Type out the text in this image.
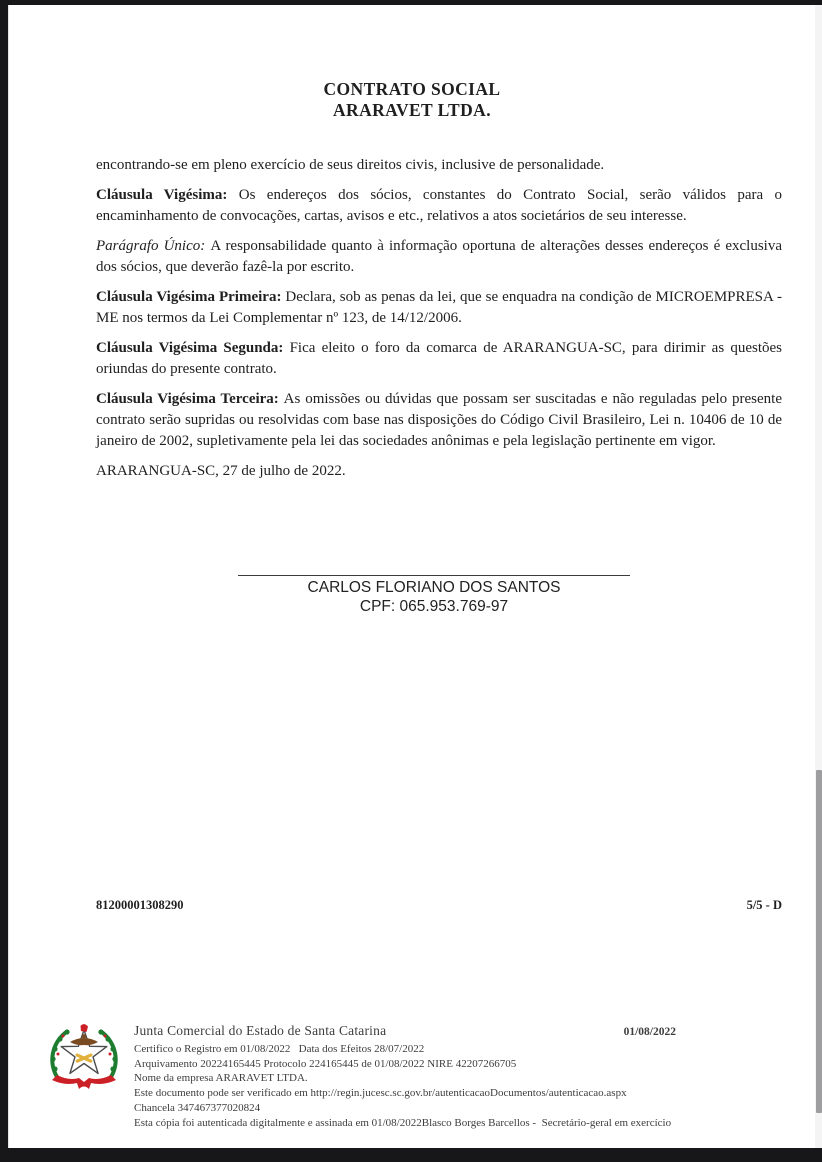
CONTRATO SOCIAL
ARARAVET LTDA.

encontrando-se em pleno exercício de seus direitos civis, inclusive de personalidade.

Cláusula Vigésima: Os endereços dos sócios, constantes do Contrato Social, serão válidos para o encaminhamento de convocações, cartas, avisos e etc., relativos a atos societários de seu interesse.

Parágrafo Único: A responsabilidade quanto à informação oportuna de alterações desses endereços é exclusiva dos sócios, que deverão fazê-la por escrito.

Cláusula Vigésima Primeira: Declara, sob as penas da lei, que se enquadra na condição de MICROEMPRESA - ME nos termos da Lei Complementar nº 123, de 14/12/2006.

Cláusula Vigésima Segunda: Fica eleito o foro da comarca de ARARANGUA-SC, para dirimir as questões oriundas do presente contrato.

Cláusula Vigésima Terceira: As omissões ou dúvidas que possam ser suscitadas e não reguladas pelo presente contrato serão supridas ou resolvidas com base nas disposições do Código Civil Brasileiro, Lei n. 10406 de 10 de janeiro de 2002, supletivamente pela lei das sociedades anônimas e pela legislação pertinente em vigor.

ARARANGUA-SC, 27 de julho de 2022.

CARLOS FLORIANO DOS SANTOS
CPF: 065.953.769-97
81200001308290	5/5 - D
Junta Comercial do Estado de Santa Catarina	01/08/2022
Certifico o Registro em 01/08/2022   Data dos Efeitos 28/07/2022
Arquivamento 20224165445 Protocolo 224165445 de 01/08/2022 NIRE 42207266705
Nome da empresa ARARAVET LTDA.
Este documento pode ser verificado em http://regin.jucesc.sc.gov.br/autenticacaoDocumentos/autenticacao.aspx
Chancela 347467377020824
Esta cópia foi autenticada digitalmente e assinada em 01/08/2022Blasco Borges Barcellos -  Secretário-geral em exercício
